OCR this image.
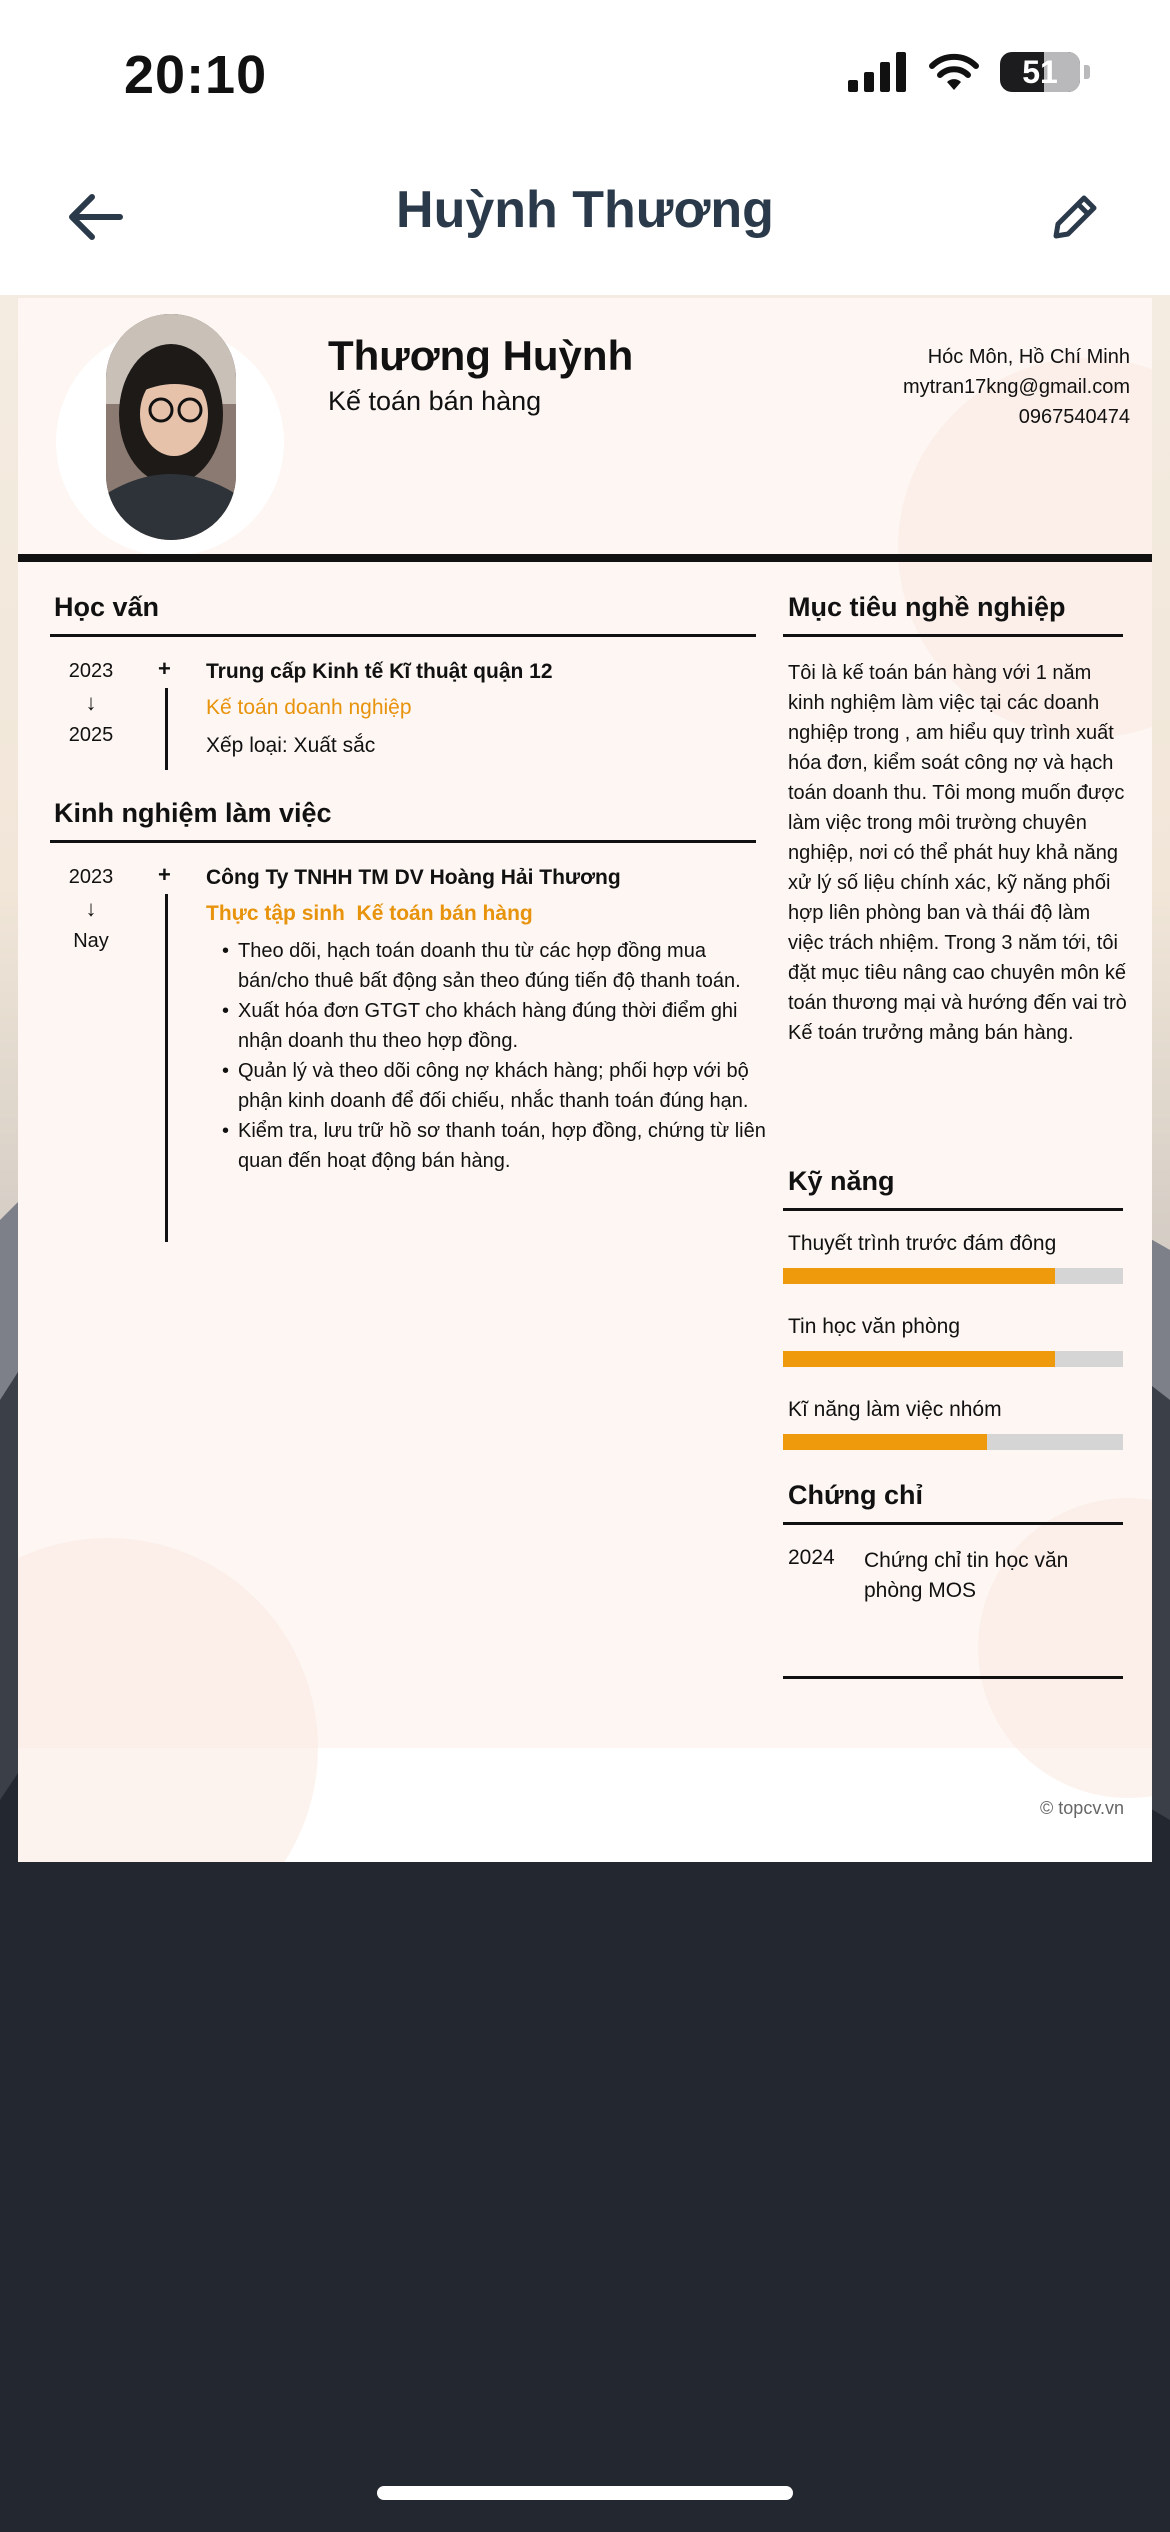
20:10	51
Huỳnh Thương
Thương Huỳnh
Kế toán bán hàng
Hóc Môn, Hồ Chí Minh
mytran17kng@gmail.com
0967540474
Học vấn
2023
↓
2025
+ Trung cấp Kinh tế Kĩ thuật quận 12
Kế toán doanh nghiệp
Xếp loại: Xuất sắc
Kinh nghiệm làm việc
2023
↓
Nay
+ Công Ty TNHH TM DV Hoàng Hải Thương
Thực tập sinh  Kế toán bán hàng
• Theo dõi, hạch toán doanh thu từ các hợp đồng mua bán/cho thuê bất động sản theo đúng tiến độ thanh toán.
• Xuất hóa đơn GTGT cho khách hàng đúng thời điểm ghi nhận doanh thu theo hợp đồng.
• Quản lý và theo dõi công nợ khách hàng; phối hợp với bộ phận kinh doanh để đối chiếu, nhắc thanh toán đúng hạn.
• Kiểm tra, lưu trữ hồ sơ thanh toán, hợp đồng, chứng từ liên quan đến hoạt động bán hàng.
Mục tiêu nghề nghiệp
Tôi là kế toán bán hàng với 1 năm kinh nghiệm làm việc tại các doanh nghiệp trong , am hiểu quy trình xuất hóa đơn, kiểm soát công nợ và hạch toán doanh thu. Tôi mong muốn được làm việc trong môi trường chuyên nghiệp, nơi có thể phát huy khả năng xử lý số liệu chính xác, kỹ năng phối hợp liên phòng ban và thái độ làm việc trách nhiệm. Trong 3 năm tới, tôi đặt mục tiêu nâng cao chuyên môn kế toán thương mại và hướng đến vai trò Kế toán trưởng mảng bán hàng.
Kỹ năng
Thuyết trình trước đám đông
Tin học văn phòng
Kĩ năng làm việc nhóm
Chứng chỉ
2024 Chứng chỉ tin học văn phòng MOS
© topcv.vn
